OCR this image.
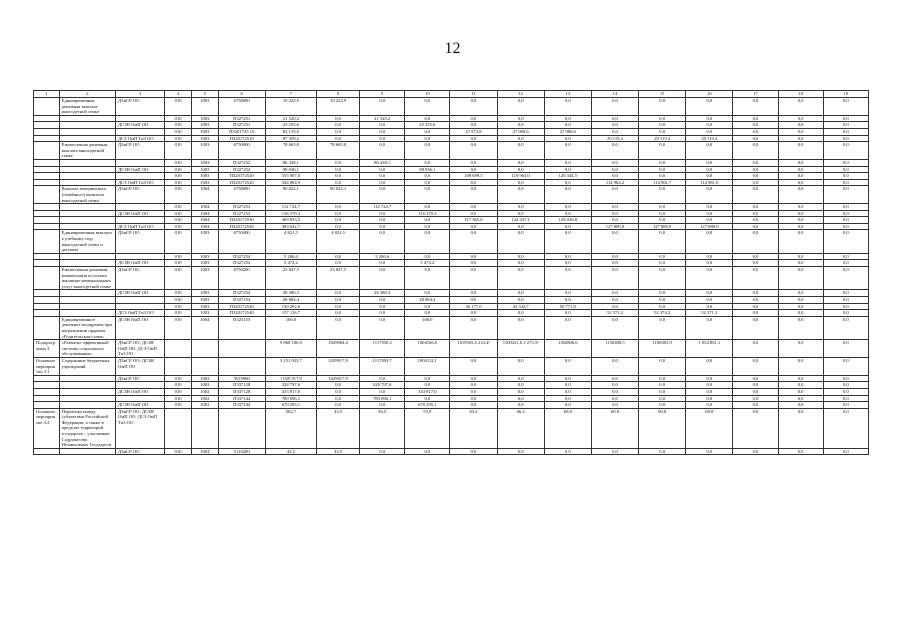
12
1	2	3	4	5	6	7	8	9	10	11	12	13	14	15	16	17	18	19
	Единовременная денежная выплата многодетной семье	ДЗиСР ОО	010	1003	6750000	19 223,9	19 223,9	0,0	0,0	0,0	0,0	0,0	0,0	0,0	0,0	0,0	0,0	0,0
			010	1003	П327251	21 520,2	0,0	21 520,2	0,0	0,0	0,0	0,0	0,0	0,0	0,0	0,0	0,0	0,0
		ДСЗН ОмП ОО	010	1003	П327251	25 255,6	0,0	0,0	25 255,6	0,0	0,0	0,0	0,0	0,0	0,0	0,0	0,0	0,0
			010	1003	П3201725 10	82 135,0	0,0	0,0	0,0	27 973,8	27 080,6	27 080,6	0,0	0,0	0,0	0,0	0,0	0,0
		ДСЗ ОмП ТиЗ ОО	010	1003	П320172510	87 358,2	0,0	0,0	0,0	0,0	0,0	0,0	29 119,4	29 119,4	29 119,4	0,0	0,0	0,0
	Ежемесячная денежная выплата многодетной семье	ДЗиСР ОО	010	1003	6750000	78 665,8	78 665,8	0,0	0,0	0,0	0,0	0,0	0,0	0,0	0,0	0,0	0,0	0,0
			010	1003	П327252	86 438,1	0,0	86 438,1	0,0	0,0	0,0	0,0	0,0	0,0	0,0	0,0	0,0	0,0
		ДСЗН ОмП ОО	010	1003	П327252	98 036,1	0,0	0,0	98 036,1	0,0	0,0	0,0	0,0	0,0	0,0	0,0	0,0	0,0
			010	1003	П320172520	355 007,0	0,0	0,0	0,0	108 699,5	119 963,0	126 344,5	0,0	0,0	0,0	0,0	0,0	0,0
		ДСЗ ОмП ТиЗ ОО	010	1003	П320172520	344 884,9	0,0	0,0	0,0	0,0	0,0	0,0	114 962,2	114 961,7	114 961,0	0,0	0,0	0,0
	Выплата материнского (семейного) капитала многодетной семье	ДЗиСР ОО	010	1004	6750000	90 022,1	90 022,1	0,0	0,0	0,0	0,0	0,0	0,0	0,0	0,0	0,0	0,0	0,0
			010	1004	П327253	112 724,7	0,0	112 724,7	0,0	0,0	0,0	0,0	0,0	0,0	0,0	0,0	0,0	0,0
		ДСЗН ОмП ОО	010	1004	П327253	116 370,3	0,0	0,0	116 370,3	0,0	0,0	0,0	0,0	0,0	0,0	0,0	0,0	0,0
			010	1004	П320172530	369 833,5	0,0	0,0	0,0	117 365,6	124 437,1	128 030,8	0,0	0,0	0,0	0,0	0,0	0,0
		ДСЗ ОмП ТиЗ ОО	010	1004	П320172530	383 642,7	0,0	0,0	0,0	0,0	0,0	0,0	127 880,9	127 880,9	127 880,9	0,0	0,0	0,0
	Единовременная выплата к учебному году многодетной семье и доплаты	ДЗиСР ОО	010	1003	6750400	4 821,5	4 821,5	0,0	0,0	0,0	0,0	0,0	0,0	0,0	0,0	0,0	0,0	0,0
			010	1003	П327254	5 206,6	0,0	5 206,6	0,0	0,0	0,0	0,0	0,0	0,0	0,0	0,0	0,0	0,0
		ДСЗН ОмП ОО	010	1003	П327254	5 474,2	0,0	0,0	5 474,2	0,0	0,0	0,0	0,0	0,0	0,0	0,0	0,0	0,0
	Ежемесячная денежная компенсация по оплате жилищно-коммунальных услуг многодетной семье	ДЗиСР ОО	010	1003	6750200	23 847,5	23 847,5	0,0	0,0	0,0	0,0	0,0	0,0	0,0	0,0	0,0	0,0	0,0
		ДСЗН ОмП ОО	010	1003	П327254	28 380,3	0,0	28 380,3	0,0	0,0	0,0	0,0	0,0	0,0	0,0	0,0	0,0	0,0
			010	1003	П327254	28 884,4	0,0	0,0	28 884,4	0,0	0,0	0,0	0,0	0,0	0,0	0,0	0,0	0,0
			010	1003	П320172540	130 292,6	0,0	0,0	0,0	36 177,0	43 344,7	50 771,9	0,0	0,0	0,0	0,0	0,0	0,0
		ДСЗ ОмП ТиЗ ОО	010	1003	П320172540	157 116,7	0,0	0,0	0,0	0,0	0,0	0,0	52 371,2	52 374,3	52 371,2	0,0	0,0	0,0
	Единовременное денежное поощрение при награждении орденом «Родительская слава»	ДСЗН ОмП ОО	010	1004	П325155	100,0	0,0	0,0	100,0	0,0	0,0	0,0	0,0	0,0	0,0	0,0	0,0	0,0
Подпрограмма 3	«Развитие эффективной системы социального обслуживания»	ДЗиСР ОО; ДСЗН ОмП ОО, ДСЗ ОмП ТиЗ ОО				9 868 186,9	1029964,4	1117950,2	1004166,0	1019505,6 214,4²	1100221,6 3 275,3²	1302806,6	1150408,5	1108305,9	1 054 861,1	0,0	0,0	0,0
Основное мероприятие 3.1	Содержание бюджетных учреждений	ДЗиСР ОО; ДСЗН ОмП ОО				3 151 923,7	1029917,9	1117893,7	1004112,1	0,0	0,0	0,0	0,0	0,0	0,0	0,0	0,0	0,0
		ДЗиСР ОО	010	1002	5019900	1 029 917,9	1029917,9	0,0	0,0	0,0	0,0	0,0	0,0	0,0	0,0	0,0	0,0	0,0
			010	1002	П337128	328 797,6	0,0	328 797,6	0,0	0,0	0,0	0,0	0,0	0,0	0,0	0,0	0,0	0,0
		ДСЗН ОмП ОО	010	1002	П337128	333 817,0	0,0	0,0	333 817,0	0,0	0,0	0,0	0,0	0,0	0,0	0,0	0,0	0,0
			010	1002	П337144	789 096,1	0,0	789 096,1	0,0	0,0	0,0	0,0	0,0	0,0	0,0	0,0	0,0	0,0
		ДСЗН ОмП ОО	010	1002	П337144	670 295,1	0,0	0,0	670 295,1	0,0	0,0	0,0	0,0	0,0	0,0	0,0	0,0	0,0
Основное мероприятие 3.2	Перевозка между субъектами Российской Федерации, а также в пределах территорий государств – участников Содружества Независимых Государств	ДЗиСР ОО; ДСЗН ОмП ОО; ДСЗ ОмП ТиЗ ОО				562,7	43,5	56,5	53,9	63,2	66,4	69,8	69,8	69,8	69,8	0,0	0,0	0,0
		ДЗиСР ОО	010	1004	5110200	43,5	43,5	0,0	0,0	0,0	0,0	0,0	0,0	0,0	0,0	0,0	0,0	0,0
